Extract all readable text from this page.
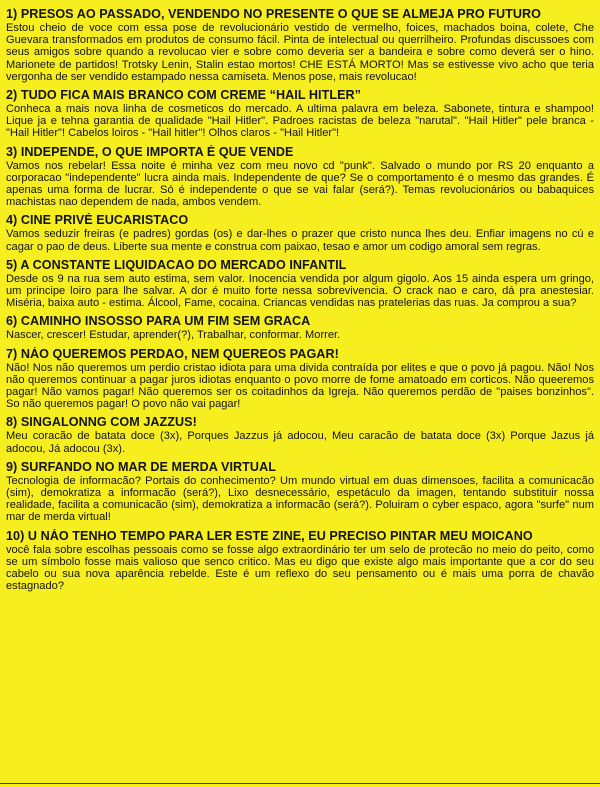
1) PRESOS AO PASSADO, VENDENDO NO PRESENTE O QUE SE ALMEJA PRO FUTURO

Estou cheio de voce com essa pose de revolucionário vestido de vermelho, foices, machados boina, colete, Che Guevara transformados em produtos de consumo fácil. Pinta de intelectual ou querrilheiro. Profundas discussoes com seus amigos sobre quando a revolucao vier e sobre como deveria ser a bandeira e sobre como deverá ser o hino. Marionete de partidos! Trotsky Lenin, Stalin estao mortos! CHE ESTÁ MORTO! Mas se estivesse vivo acho que teria vergonha de ser vendido estampado nessa camiseta. Menos pose, mais revolucao!

2) TUDO FICA MAIS BRANCO COM CREME “HAIL HITLER”

Conheca a mais nova linha de cosmeticos do mercado. A ultima palavra em beleza. Sabonete, tintura e shampoo! Lique ja e tehna garantia de qualidade "Hail Hitler". Padroes racistas de beleza "narutal". "Hail Hitler" pele branca - "Hail Hitler"! Cabelos loiros - "Hail hitler"! Olhos claros - "Hail Hitler"!

3) INDEPENDE, O QUE IMPORTA É QUE VENDE

Vamos nos rebelar! Essa noite é minha vez com meu novo cd "punk". Salvado o mundo por RS 20 enquanto a corporacao "independente" lucra ainda mais. Independente de que? Se o comportamento é o mesmo das grandes. É apenas uma forma de lucrar. Só é independente o que se vai falar (será?). Temas revolucionários ou babaquices machistas nao dependem de nada, ambos vendem.

4) CINE PRIVÉ EUCARISTACO

Vamos seduzir freiras (e padres) gordas (os) e dar-lhes o prazer que cristo nunca lhes deu. Enfiar imagens no cú e cagar o pao de deus. Liberte sua mente e construa com paixao, tesao e amor um codigo amoral sem regras.

5) A CONSTANTE LIQUIDACAO DO MERCADO INFANTIL

Desde os 9 na rua sem auto estima, sem valor. Inocencia vendida por algum gigolo. Aos 15 ainda espera um gringo, um principe loiro para lhe salvar. A dor é muito forte nessa sobrevivencia. O crack nao e caro, dá pra anestesiar. Miséria, baixa auto - estima. Álcool, Fame, cocaina. Criancas vendidas nas pratelerias das ruas. Ja comprou a sua?

6) CAMINHO INSOSSO PARA UM FIM SEM GRACA

Nascer, crescer! Estudar, aprender(?), Trabalhar, conformar. Morrer.

7) NÁO QUEREMOS PERDAO, NEM QUEREOS PAGAR!

Não! Nos não queremos um perdio cristao idiota para uma divida contraída por elites e que o povo já pagou. Não! Nos não queremos continuar a pagar juros idiotas enquanto o povo morre de fome amatoado em corticos. Não queeremos pagar! Não vamos pagar! Não queremos ser os coitadinhos da Igreja. Não queremos perdão de "paises bonzinhos". So não queremos pagar! O povo não vai pagar!

8) SINGALONNG COM JAZZUS!

Meu coracão de batata doce (3x), Porques Jazzus já adocou, Meu caracão de batata doce (3x) Porque Jazus já adocou, Já adocou (3x).

9) SURFANDO NO MAR DE MERDA VIRTUAL

Tecnologia de informacão? Portais do conhecimento? Um mundo virtual em duas dimensoes, facilita a comunicacão (sim), demokratiza a informacão (será?), Lixo desnecessário, espetáculo da imagen, tentando substituir nossa realidade, facilita a comunicacão (sim), demokratiza a informacão (será?). Poluiram o cyber espaco, agora "surfe" num mar de merda virtual!

10) U NÁO TENHO TEMPO PARA LER ESTE ZINE, EU PRECISO PINTAR MEU MOICANO

você fala sobre escolhas pessoais como se fosse algo extraordinário ter um selo de protecão no meio do peito, como se um símbolo fosse mais valioso que senco critico. Mas eu digo que existe algo mais importante que a cor do seu cabelo ou sua nova aparência rebelde. Este é um reflexo do seu pensamento ou é mais uma porra de chavão estagnado?
